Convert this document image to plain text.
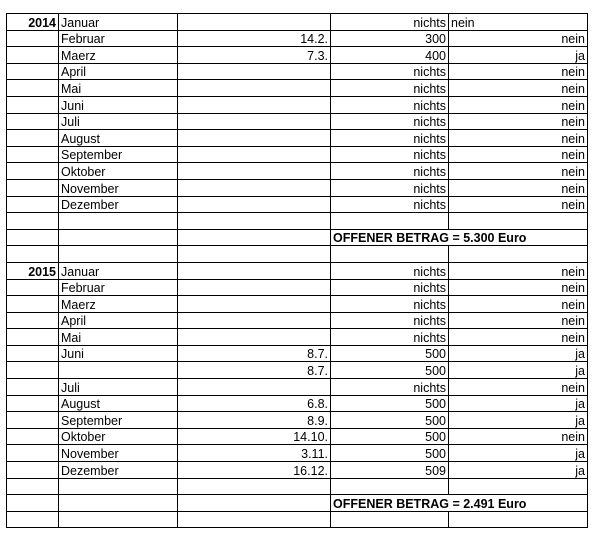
2014	Januar		nichts	nein
	Februar	14.2.	300	nein
	Maerz	7.3.	400	ja
	April		nichts	nein
	Mai		nichts	nein
	Juni		nichts	nein
	Juli		nichts	nein
	August		nichts	nein
	September		nichts	nein
	Oktober		nichts	nein
	November		nichts	nein
	Dezember		nichts	nein

			OFFENER BETRAG = 5.300 Euro	

2015	Januar		nichts	nein
	Februar		nichts	nein
	Maerz		nichts	nein
	April		nichts	nein
	Mai		nichts	nein
	Juni	8.7.	500	ja
		8.7.	500	ja
	Juli		nichts	nein
	August	6.8.	500	ja
	September	8.9.	500	ja
	Oktober	14.10.	500	nein
	November	3.11.	500	ja
	Dezember	16.12.	509	ja

			OFFENER BETRAG = 2.491 Euro	
